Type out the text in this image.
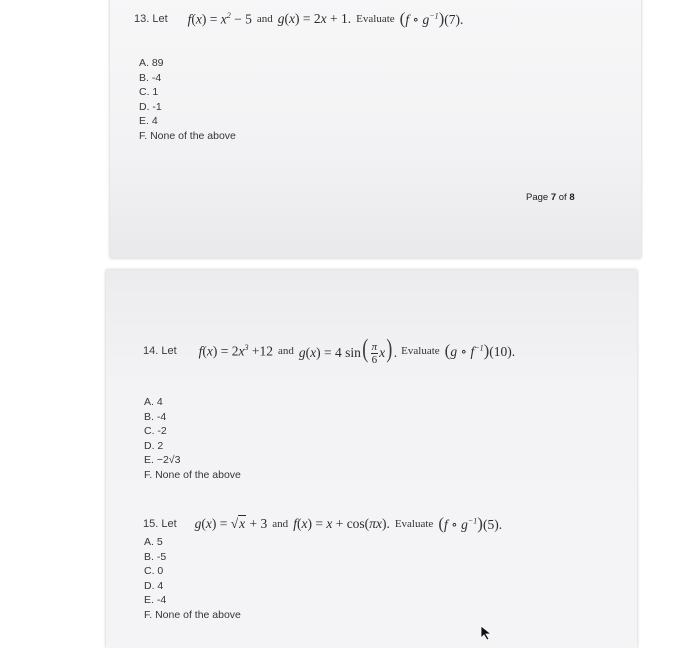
13. Let $f(x) = x^2 - 5$ and g(x) = 2x + 1. Evaluate (f ∘ $g^{-1})(7)$.
A. 89
B. -4
C. 1
D. -1
E. 4
F. None of the above
Page 7 of 8
14. Let $f(x) = 2x^3 +12$ and g(x) = 4 $\sin( \frac{\pi}{6} x)$. Evaluate (g ∘ $f^{-1})(10)$.
A. 4
B. -4
C. -2
D. 2
E. −2√3
F. None of the above
15. Let g(x) = √x + 3 and f(x) = x + cos(πx). Evaluate (f ∘ $g^{-1})(5)$.
A. 5
B. -5
C. 0
D. 4
E. -4
F. None of the above
